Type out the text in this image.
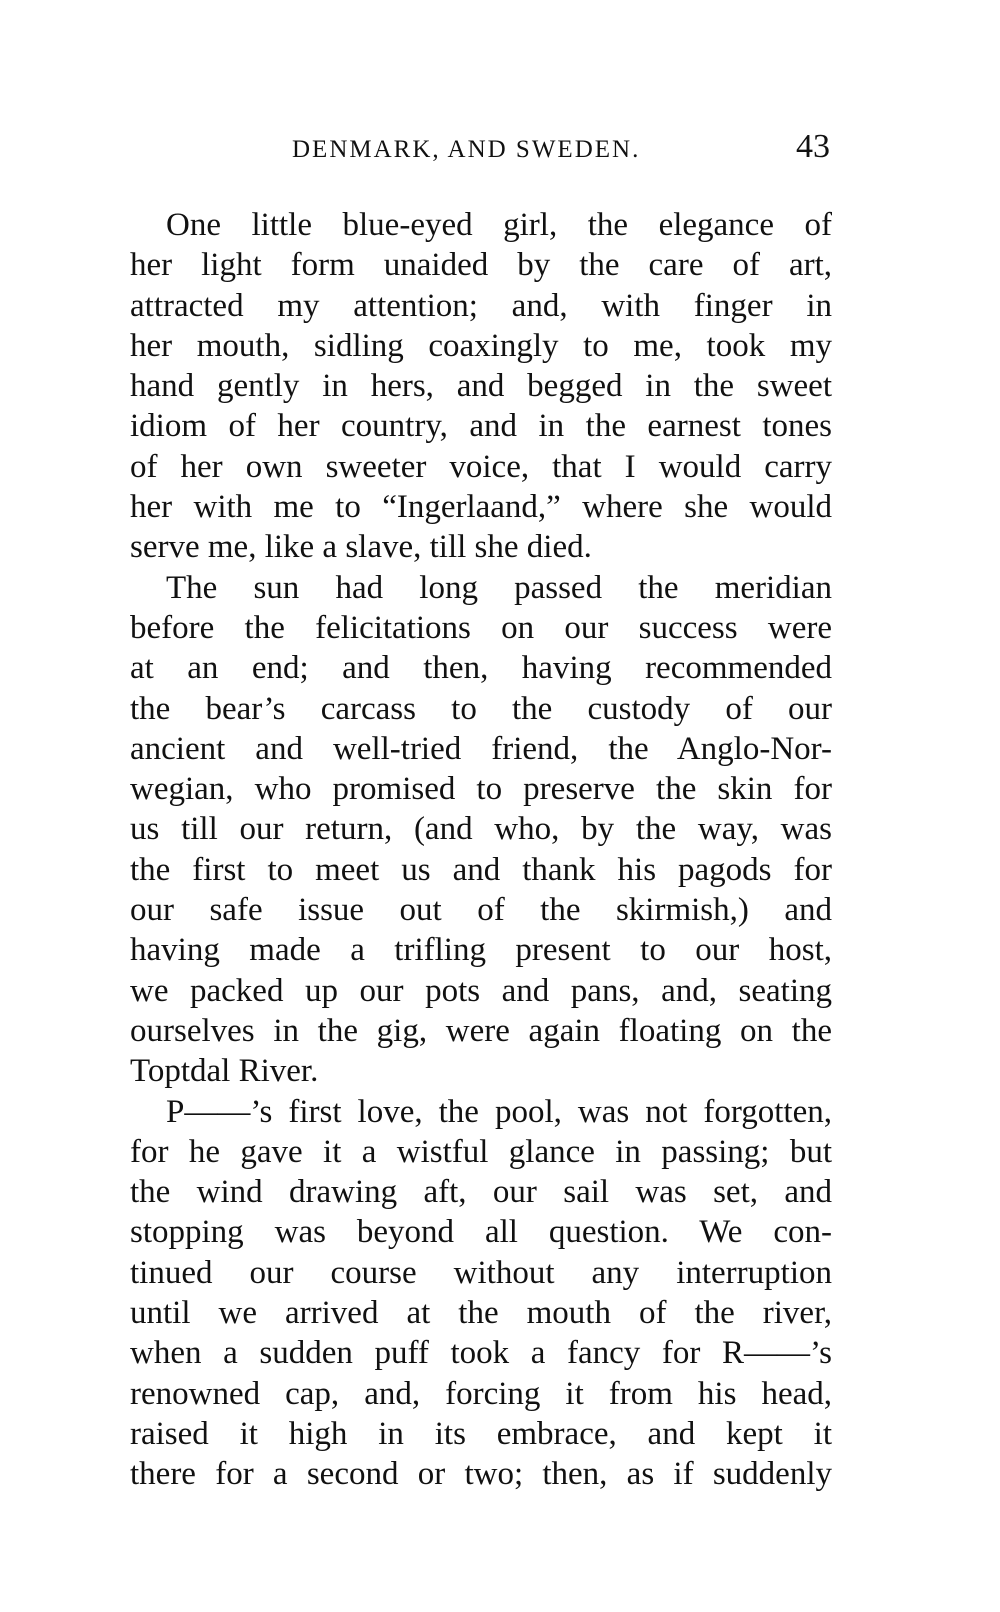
DENMARK, AND SWEDEN.	43
One little blue-eyed girl, the elegance of
her light form unaided by the care of art,
attracted my attention; and, with finger in
her mouth, sidling coaxingly to me, took my
hand gently in hers, and begged in the sweet
idiom of her country, and in the earnest tones
of her own sweeter voice, that I would carry
her with me to “Ingerlaand,” where she would
serve me, like a slave, till she died.
The sun had long passed the meridian
before the felicitations on our success were
at an end; and then, having recommended
the bear’s carcass to the custody of our
ancient and well-tried friend, the Anglo-Nor-
wegian, who promised to preserve the skin for
us till our return, (and who, by the way, was
the first to meet us and thank his pagods for
our safe issue out of the skirmish,) and
having made a trifling present to our host,
we packed up our pots and pans, and, seating
ourselves in the gig, were again floating on the
Toptdal River.
P——’s first love, the pool, was not forgotten,
for he gave it a wistful glance in passing; but
the wind drawing aft, our sail was set, and
stopping was beyond all question. We con-
tinued our course without any interruption
until we arrived at the mouth of the river,
when a sudden puff took a fancy for R——’s
renowned cap, and, forcing it from his head,
raised it high in its embrace, and kept it
there for a second or two; then, as if suddenly
